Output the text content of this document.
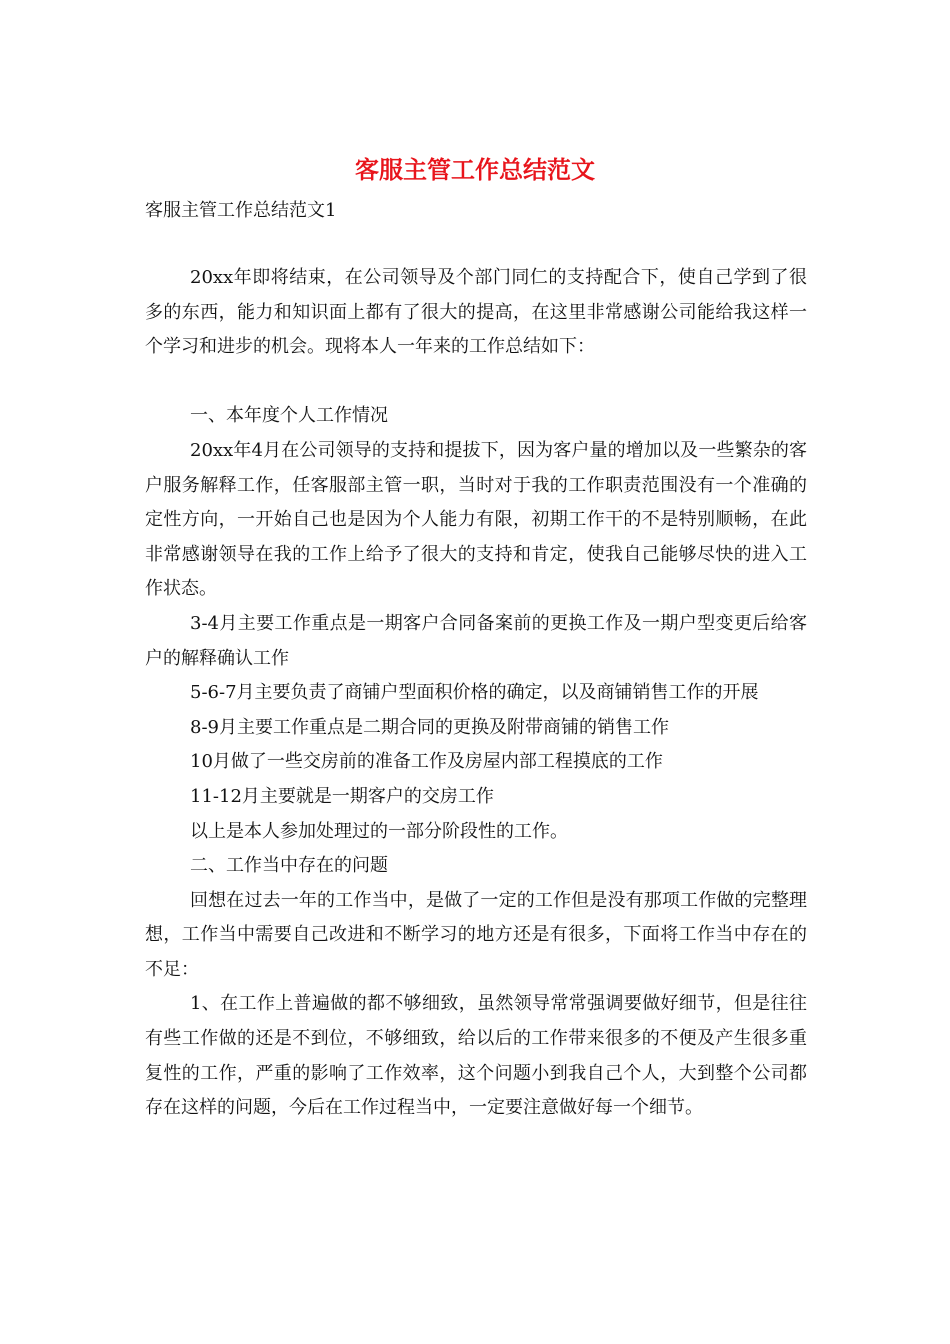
客服主管工作总结范文

客服主管工作总结范文1

20xx年即将结束，在公司领导及个部门同仁的支持配合下，使自己学到了很多的东西，能力和知识面上都有了很大的提高，在这里非常感谢公司能给我这样一个学习和进步的机会。现将本人一年来的工作总结如下：

一、本年度个人工作情况

20xx年4月在公司领导的支持和提拔下，因为客户量的增加以及一些繁杂的客户服务解释工作，任客服部主管一职，当时对于我的工作职责范围没有一个准确的定性方向，一开始自己也是因为个人能力有限，初期工作干的不是特别顺畅，在此非常感谢领导在我的工作上给予了很大的支持和肯定，使我自己能够尽快的进入工作状态。

3-4月主要工作重点是一期客户合同备案前的更换工作及一期户型变更后给客户的解释确认工作

5-6-7月主要负责了商铺户型面积价格的确定，以及商铺销售工作的开展

8-9月主要工作重点是二期合同的更换及附带商铺的销售工作

10月做了一些交房前的准备工作及房屋内部工程摸底的工作

11-12月主要就是一期客户的交房工作

以上是本人参加处理过的一部分阶段性的工作。

二、工作当中存在的问题

回想在过去一年的工作当中，是做了一定的工作但是没有那项工作做的完整理想，工作当中需要自己改进和不断学习的地方还是有很多，下面将工作当中存在的不足：

1、在工作上普遍做的都不够细致，虽然领导常常强调要做好细节，但是往往有些工作做的还是不到位，不够细致，给以后的工作带来很多的不便及产生很多重复性的工作，严重的影响了工作效率，这个问题小到我自己个人，大到整个公司都存在这样的问题，今后在工作过程当中，一定要注意做好每一个细节。
